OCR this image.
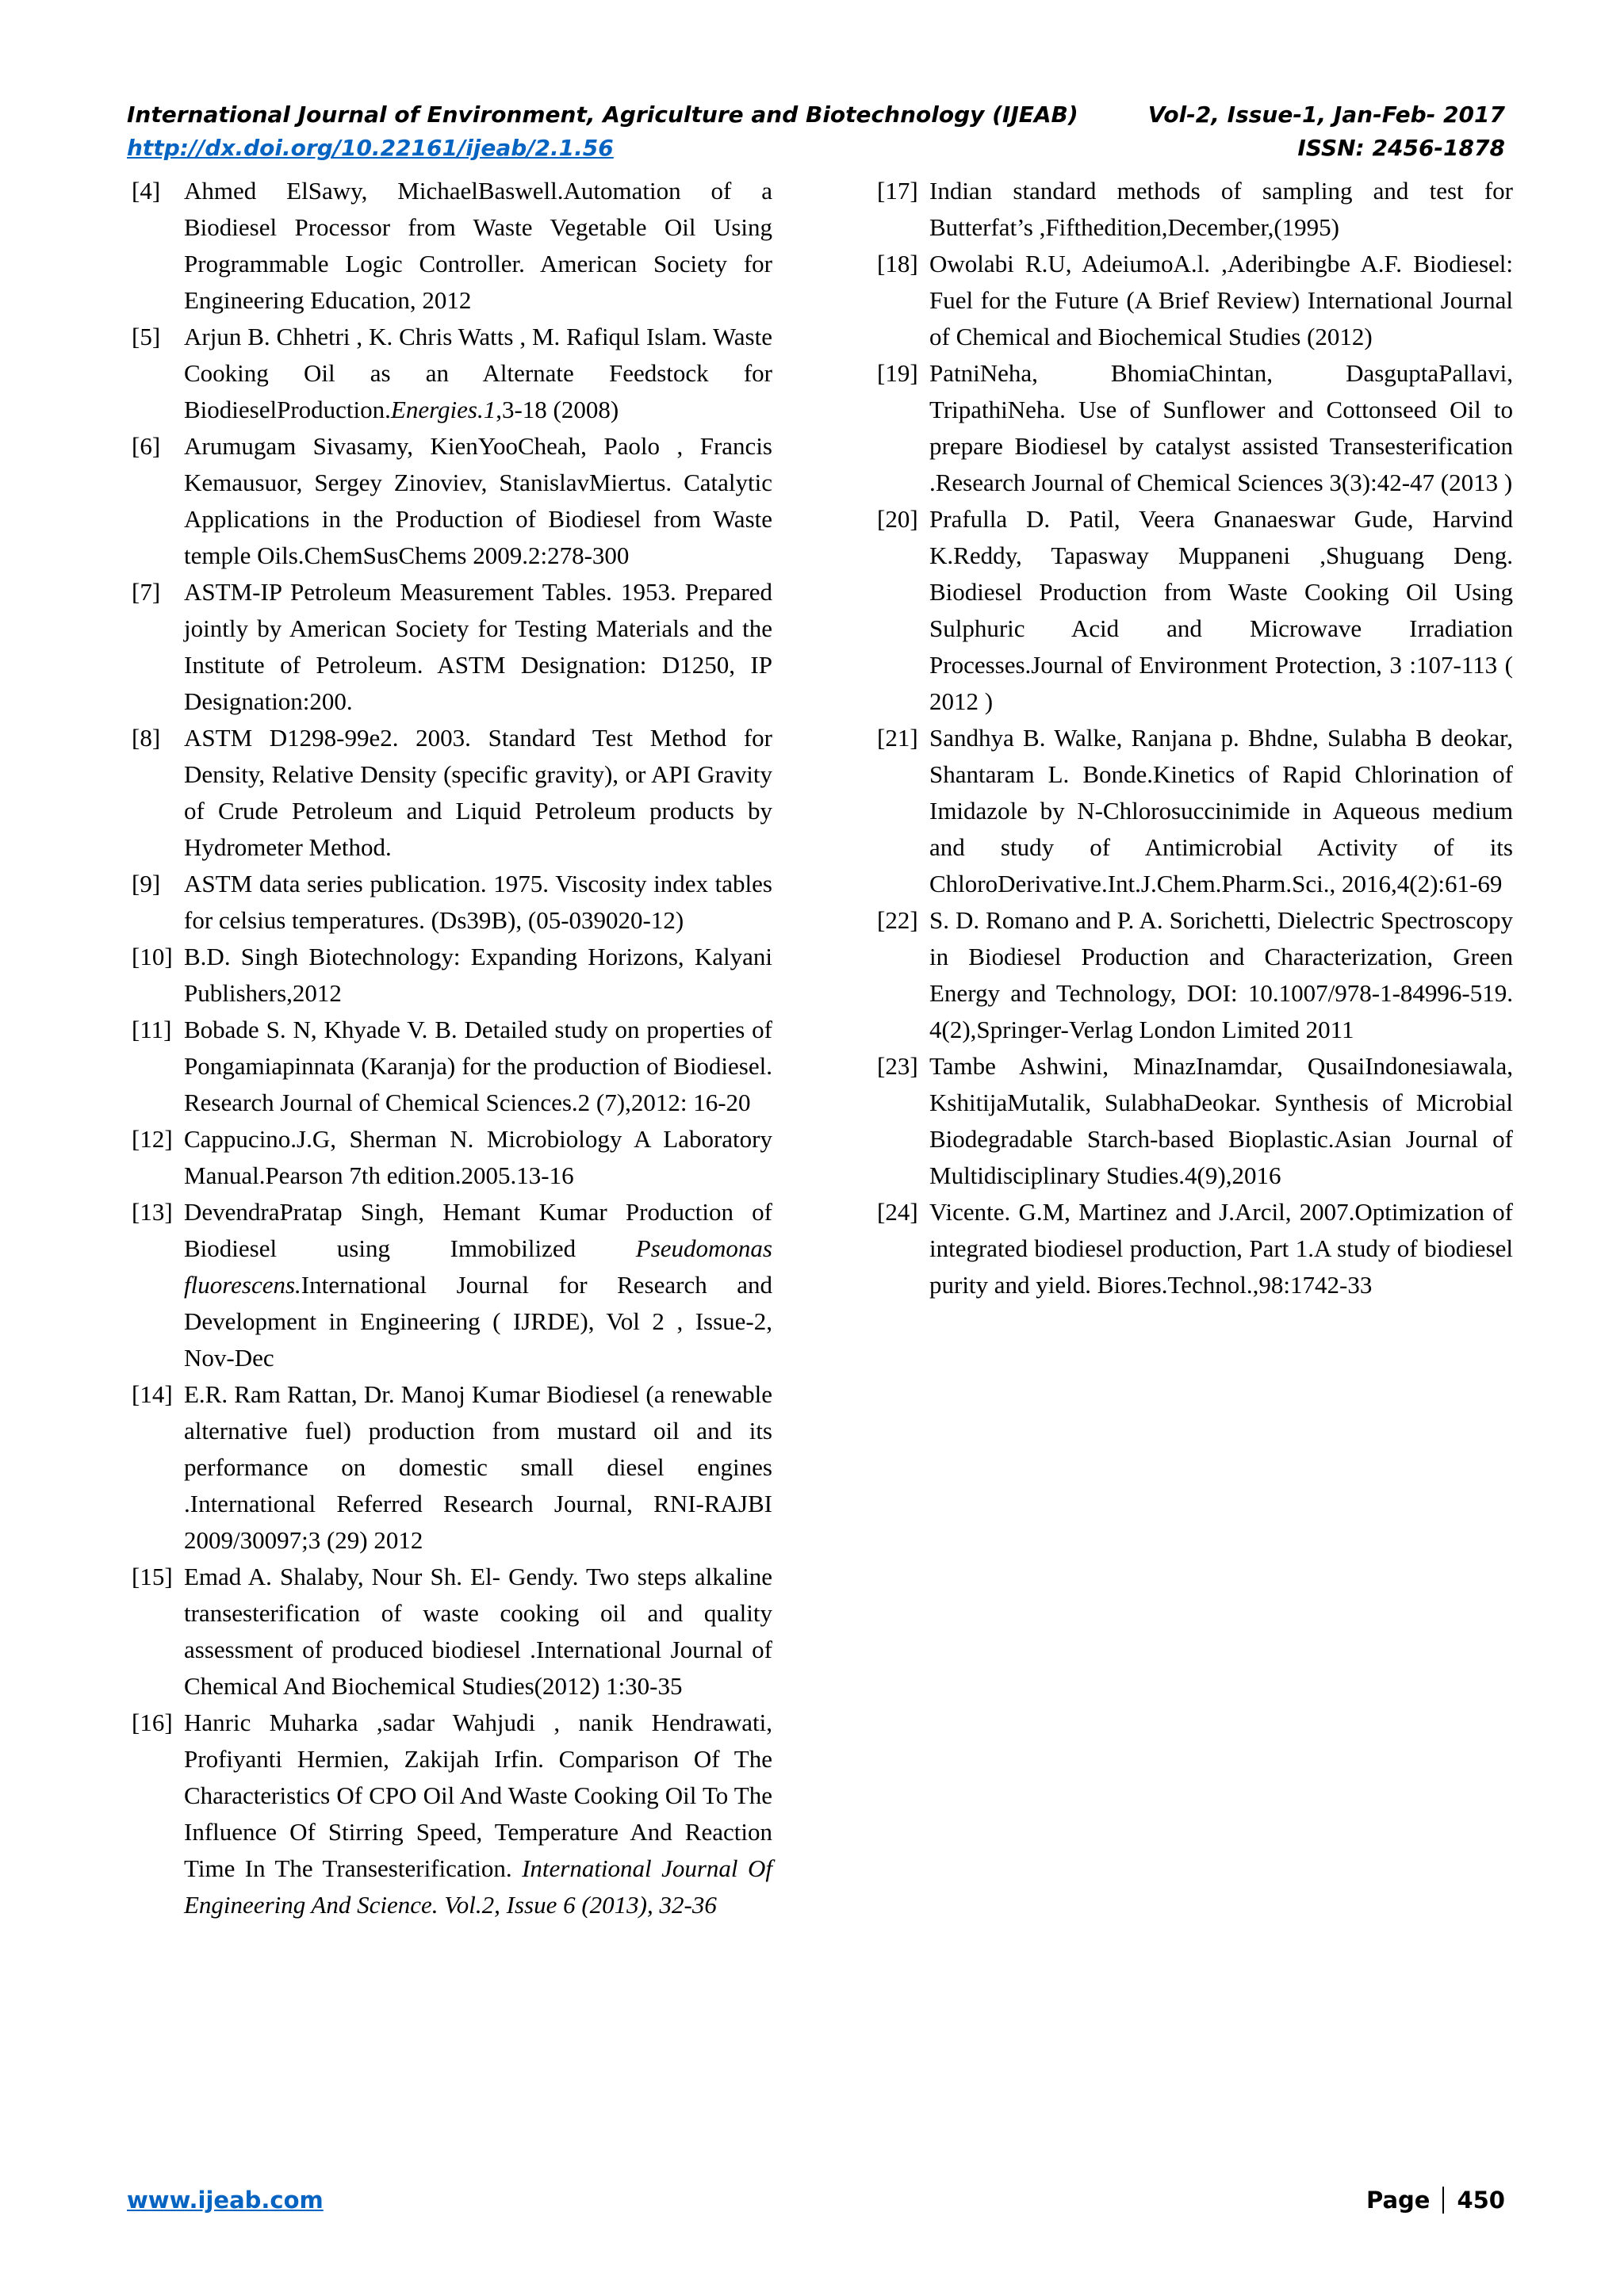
International Journal of Environment, Agriculture and Biotechnology (IJEAB)	Vol-2, Issue-1, Jan-Feb- 2017
http://dx.doi.org/10.22161/ijeab/2.1.56	ISSN: 2456-1878
[4] Ahmed ElSawy, MichaelBaswell.Automation of a Biodiesel Processor from Waste Vegetable Oil Using Programmable Logic Controller. American Society for Engineering Education, 2012
[5] Arjun B. Chhetri , K. Chris Watts , M. Rafiqul Islam. Waste Cooking Oil as an Alternate Feedstock for BiodieselProduction.Energies.1,3-18 (2008)
[6] Arumugam Sivasamy, KienYooCheah, Paolo , Francis Kemausuor, Sergey Zinoviev, StanislavMiertus. Catalytic Applications in the Production of Biodiesel from Waste temple Oils.ChemSusChems 2009.2:278-300
[7] ASTM-IP Petroleum Measurement Tables. 1953. Prepared jointly by American Society for Testing Materials and the Institute of Petroleum. ASTM Designation: D1250, IP Designation:200.
[8] ASTM D1298-99e2. 2003. Standard Test Method for Density, Relative Density (specific gravity), or API Gravity of Crude Petroleum and Liquid Petroleum products by Hydrometer Method.
[9] ASTM data series publication. 1975. Viscosity index tables for celsius temperatures. (Ds39B), (05-039020-12)
[10] B.D. Singh Biotechnology: Expanding Horizons, Kalyani Publishers,2012
[11] Bobade S. N, Khyade V. B. Detailed study on properties of Pongamiapinnata (Karanja) for the production of Biodiesel. Research Journal of Chemical Sciences.2 (7),2012: 16-20
[12] Cappucino.J.G, Sherman N. Microbiology A Laboratory Manual.Pearson 7th edition.2005.13-16
[13] DevendraPratap Singh, Hemant Kumar Production of Biodiesel using Immobilized Pseudomonas fluorescens.International Journal for Research and Development in Engineering ( IJRDE), Vol 2 , Issue-2, Nov-Dec
[14] E.R. Ram Rattan, Dr. Manoj Kumar Biodiesel (a renewable alternative fuel) production from mustard oil and its performance on domestic small diesel engines .International Referred Research Journal, RNI-RAJBI 2009/30097;3 (29) 2012
[15] Emad A. Shalaby, Nour Sh. El- Gendy. Two steps alkaline transesterification of waste cooking oil and quality assessment of produced biodiesel .International Journal of Chemical And Biochemical Studies(2012) 1:30-35
[16] Hanric Muharka ,sadar Wahjudi , nanik Hendrawati, Profiyanti Hermien, Zakijah Irfin. Comparison Of The Characteristics Of CPO Oil And Waste Cooking Oil To The Influence Of Stirring Speed, Temperature And Reaction Time In The Transesterification. International Journal Of Engineering And Science. Vol.2, Issue 6 (2013), 32-36
[17] Indian standard methods of sampling and test for Butterfat’s ,Fifthedition,December,(1995)
[18] Owolabi R.U, AdeiumoA.l. ,Aderibingbe A.F. Biodiesel: Fuel for the Future (A Brief Review) International Journal of Chemical and Biochemical Studies (2012)
[19] PatniNeha, BhomiaChintan, DasguptaPallavi, TripathiNeha. Use of Sunflower and Cottonseed Oil to prepare Biodiesel by catalyst assisted Transesterification .Research Journal of Chemical Sciences 3(3):42-47 (2013 )
[20] Prafulla D. Patil, Veera Gnanaeswar Gude, Harvind K.Reddy, Tapasway Muppaneni ,Shuguang Deng. Biodiesel Production from Waste Cooking Oil Using Sulphuric Acid and Microwave Irradiation Processes.Journal of Environment Protection, 3 :107-113 ( 2012 )
[21] Sandhya B. Walke, Ranjana p. Bhdne, Sulabha B deokar, Shantaram L. Bonde.Kinetics of Rapid Chlorination of Imidazole by N-Chlorosuccinimide in Aqueous medium and study of Antimicrobial Activity of its ChloroDerivative.Int.J.Chem.Pharm.Sci., 2016,4(2):61-69
[22] S. D. Romano and P. A. Sorichetti, Dielectric Spectroscopy in Biodiesel Production and Characterization, Green Energy and Technology, DOI: 10.1007/978-1-84996-519. 4(2),Springer-Verlag London Limited 2011
[23] Tambe Ashwini, MinazInamdar, QusaiIndonesiawala, KshitijaMutalik, SulabhaDeokar. Synthesis of Microbial Biodegradable Starch-based Bioplastic.Asian Journal of Multidisciplinary Studies.4(9),2016
[24] Vicente. G.M, Martinez and J.Arcil, 2007.Optimization of integrated biodiesel production, Part 1.A study of biodiesel purity and yield. Biores.Technol.,98:1742-33
www.ijeab.com	Page 450
